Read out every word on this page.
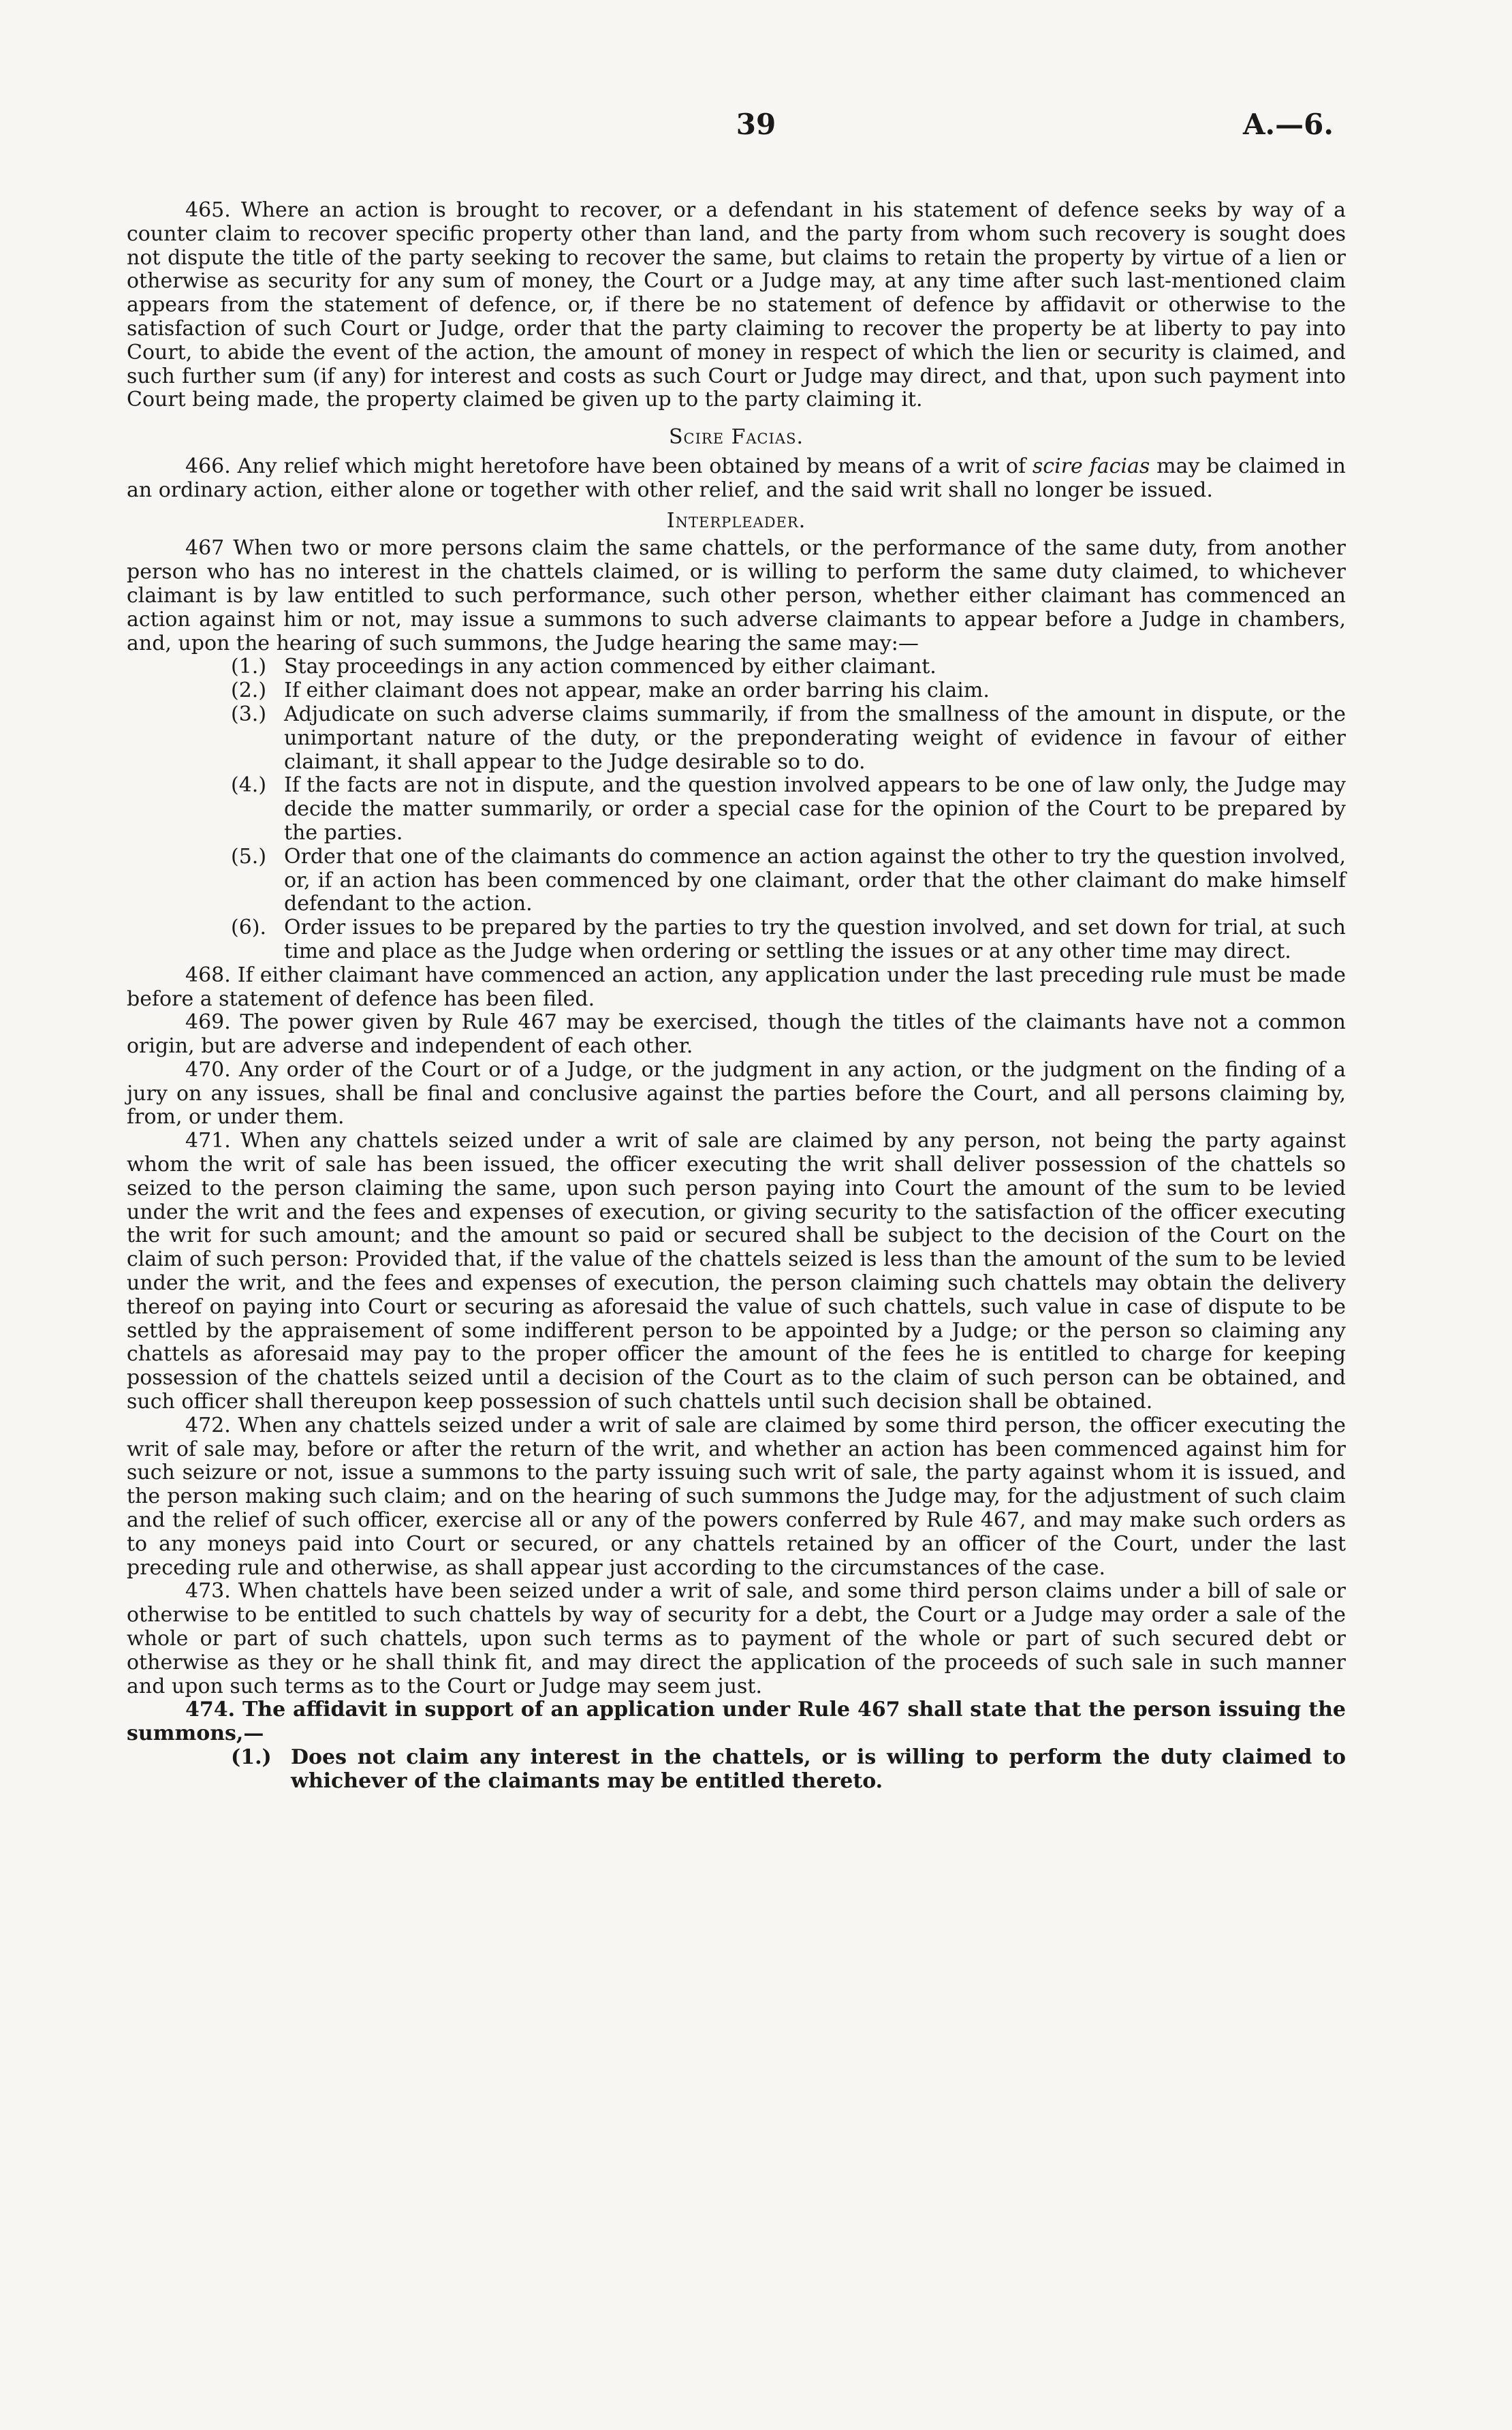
39	A.—6.

465. Where an action is brought to recover, or a defendant in his statement of defence seeks by way of a counter claim to recover specific property other than land, and the party from whom such recovery is sought does not dispute the title of the party seeking to recover the same, but claims to retain the property by virtue of a lien or otherwise as security for any sum of money, the Court or a Judge may, at any time after such last-mentioned claim appears from the statement of defence, or, if there be no statement of defence by affidavit or otherwise to the satisfaction of such Court or Judge, order that the party claiming to recover the property be at liberty to pay into Court, to abide the event of the action, the amount of money in respect of which the lien or security is claimed, and such further sum (if any) for interest and costs as such Court or Judge may direct, and that, upon such payment into Court being made, the property claimed be given up to the party claiming it.

Scire Facias.

466. Any relief which might heretofore have been obtained by means of a writ of scire facias may be claimed in an ordinary action, either alone or together with other relief, and the said writ shall no longer be issued.

Interpleader.

467 When two or more persons claim the same chattels, or the performance of the same duty, from another person who has no interest in the chattels claimed, or is willing to perform the same duty claimed, to whichever claimant is by law entitled to such performance, such other person, whether either claimant has commenced an action against him or not, may issue a summons to such adverse claimants to appear before a Judge in chambers, and, upon the hearing of such summons, the Judge hearing the same may:—

(1.) Stay proceedings in any action commenced by either claimant.
(2.) If either claimant does not appear, make an order barring his claim.
(3.) Adjudicate on such adverse claims summarily, if from the smallness of the amount in dispute, or the unimportant nature of the duty, or the preponderating weight of evidence in favour of either claimant, it shall appear to the Judge desirable so to do.
(4.) If the facts are not in dispute, and the question involved appears to be one of law only, the Judge may decide the matter summarily, or order a special case for the opinion of the Court to be prepared by the parties.
(5.) Order that one of the claimants do commence an action against the other to try the question involved, or, if an action has been commenced by one claimant, order that the other claimant do make himself defendant to the action.
(6). Order issues to be prepared by the parties to try the question involved, and set down for trial, at such time and place as the Judge when ordering or settling the issues or at any other time may direct.

468. If either claimant have commenced an action, any application under the last preceding rule must be made before a statement of defence has been filed.

469. The power given by Rule 467 may be exercised, though the titles of the claimants have not a common origin, but are adverse and independent of each other.

470. Any order of the Court or of a Judge, or the judgment in any action, or the judgment on the finding of a jury on any issues, shall be final and conclusive against the parties before the Court, and all persons claiming by, from, or under them.

471. When any chattels seized under a writ of sale are claimed by any person, not being the party against whom the writ of sale has been issued, the officer executing the writ shall deliver possession of the chattels so seized to the person claiming the same, upon such person paying into Court the amount of the sum to be levied under the writ and the fees and expenses of execution, or giving security to the satisfaction of the officer executing the writ for such amount; and the amount so paid or secured shall be subject to the decision of the Court on the claim of such person: Provided that, if the value of the chattels seized is less than the amount of the sum to be levied under the writ, and the fees and expenses of execution, the person claiming such chattels may obtain the delivery thereof on paying into Court or securing as aforesaid the value of such chattels, such value in case of dispute to be settled by the appraisement of some indifferent person to be appointed by a Judge; or the person so claiming any chattels as aforesaid may pay to the proper officer the amount of the fees he is entitled to charge for keeping possession of the chattels seized until a decision of the Court as to the claim of such person can be obtained, and such officer shall thereupon keep possession of such chattels until such decision shall be obtained.

472. When any chattels seized under a writ of sale are claimed by some third person, the officer executing the writ of sale may, before or after the return of the writ, and whether an action has been commenced against him for such seizure or not, issue a summons to the party issuing such writ of sale, the party against whom it is issued, and the person making such claim; and on the hearing of such summons the Judge may, for the adjustment of such claim and the relief of such officer, exercise all or any of the powers conferred by Rule 467, and may make such orders as to any moneys paid into Court or secured, or any chattels retained by an officer of the Court, under the last preceding rule and otherwise, as shall appear just according to the circumstances of the case.

473. When chattels have been seized under a writ of sale, and some third person claims under a bill of sale or otherwise to be entitled to such chattels by way of security for a debt, the Court or a Judge may order a sale of the whole or part of such chattels, upon such terms as to payment of the whole or part of such secured debt or otherwise as they or he shall think fit, and may direct the application of the proceeds of such sale in such manner and upon such terms as to the Court or Judge may seem just.

474. The affidavit in support of an application under Rule 467 shall state that the person issuing the summons,—

(1.) Does not claim any interest in the chattels, or is willing to perform the duty claimed to whichever of the claimants may be entitled thereto.
